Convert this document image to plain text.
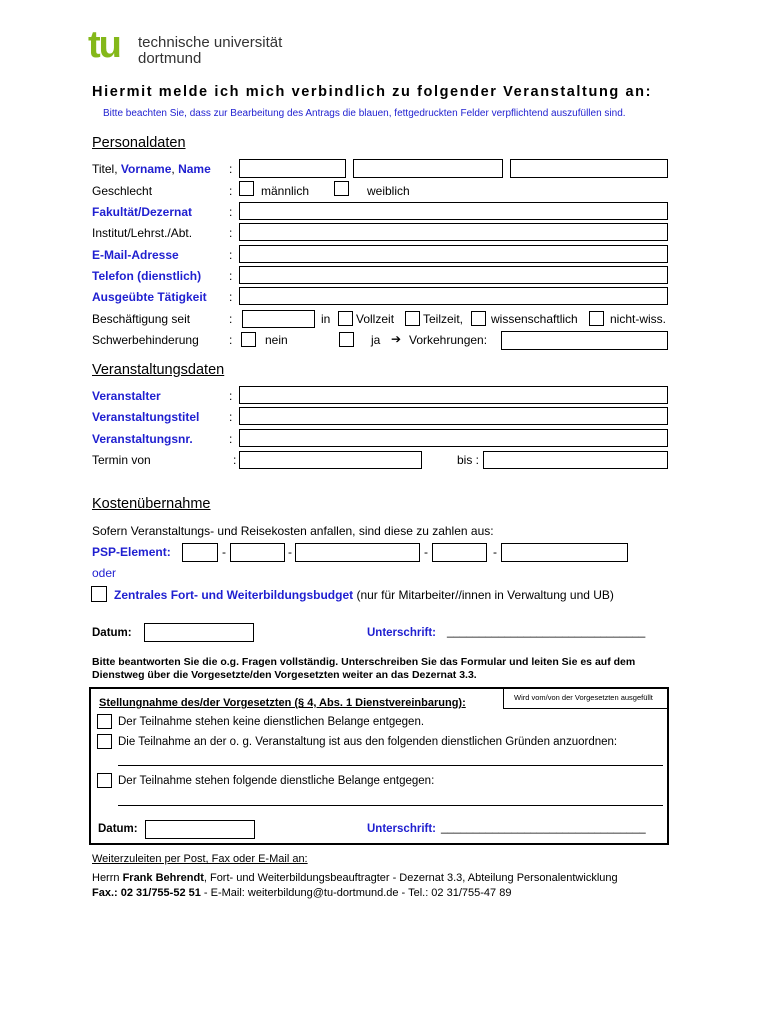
tu technische universität
dortmund
Hiermit melde ich mich verbindlich zu folgender Veranstaltung an:
Bitte beachten Sie, dass zur Bearbeitung des Antrags die blauen, fettgedruckten Felder verpflichtend auszufüllen sind.
Personaldaten
Titel, Vorname, Name :
Geschlecht	: männlich	weiblich
Fakultät/Dezernat	:
Institut/Lehrst./Abt.	:
E-Mail-Adresse	:
Telefon (dienstlich) :
Ausgeübte Tätigkeit :
Beschäftigung seit	:	in Vollzeit Teilzeit, wissenschaftlich	nicht-wiss.
Schwerbehinderung	:	nein	ja ➔ Vorkehrungen:
Veranstaltungsdaten
Veranstalter	:
Veranstaltungstitel :
Veranstaltungsnr.	:
Termin von	:	bis :
Kostenübernahme
Sofern Veranstaltungs- und Reisekosten anfallen, sind diese zu zahlen aus:
PSP-Element:	-	-	-	-
oder
Zentrales Fort- und Weiterbildungsbudget (nur für Mitarbeiter//innen in Verwaltung und UB)
Datum:	Unterschrift: _______________________________
Bitte beantworten Sie die o.g. Fragen vollständig. Unterschreiben Sie das Formular und leiten Sie es auf dem Dienstweg über die Vorgesetzte/den Vorgesetzten weiter an das Dezernat 3.3.
Stellungnahme des/der Vorgesetzten (§ 4, Abs. 1 Dienstvereinbarung):	Wird vom/von der Vorgesetzten ausgefüllt
Der Teilnahme stehen keine dienstlichen Belange entgegen.
Die Teilnahme an der o. g. Veranstaltung ist aus den folgenden dienstlichen Gründen anzuordnen:
Der Teilnahme stehen folgende dienstliche Belange entgegen:
Datum:	Unterschrift: ________________________________
Weiterzuleiten per Post, Fax oder E-Mail an:
Herrn Frank Behrendt, Fort- und Weiterbildungsbeauftragter - Dezernat 3.3, Abteilung Personalentwicklung
Fax.: 02 31/755-52 51 - E-Mail: weiterbildung@tu-dortmund.de - Tel.: 02 31/755-47 89
